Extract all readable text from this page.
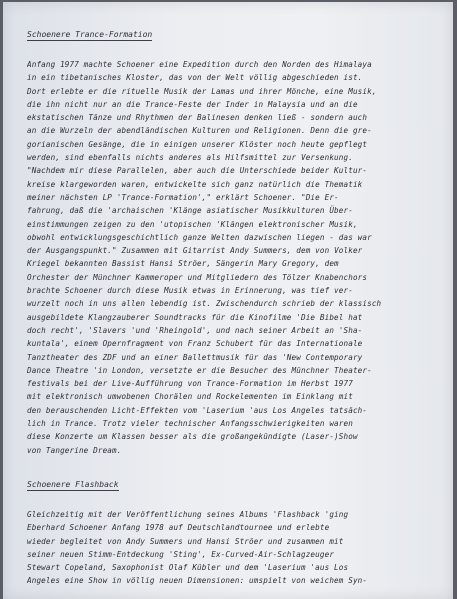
Schoenere Trance-Formation
Anfang 1977 machte Schoener eine Expedition durch den Norden des Himalaya
in ein tibetanisches Kloster, das von der Welt völlig abgeschieden ist.
Dort erlebte er die rituelle Musik der Lamas und ihrer Mönche, eine Musik,
die ihn nicht nur an die Trance-Feste der Inder in Malaysia und an die
ekstatischen Tänze und Rhythmen der Balinesen denken ließ - sondern auch
an die Wurzeln der abendländischen Kulturen und Religionen. Denn die gre-
gorianischen Gesänge, die in einigen unserer Klöster noch heute gepflegt
werden, sind ebenfalls nichts anderes als Hilfsmittel zur Versenkung.
"Nachdem mir diese Parallelen, aber auch die Unterschiede beider Kultur-
kreise klargeworden waren, entwickelte sich ganz natürlich die Thematik
meiner nächsten LP 'Trance-Formation'," erklärt Schoener. "Die Er-
fahrung, daß die 'archaischen 'Klänge asiatischer Musikkulturen Über-
einstimmungen zeigen zu den 'utopischen 'Klängen elektronischer Musik,
obwohl entwicklungsgeschichtlich ganze Welten dazwischen liegen - das war
der Ausgangspunkt." Zusammen mit Gitarrist Andy Summers, dem von Volker
Kriegel bekannten Bassist Hansi Ströer, Sängerin Mary Gregory, dem
Orchester der Münchner Kammeroper und Mitgliedern des Tölzer Knabenchors
brachte Schoener durch diese Musik etwas in Erinnerung, was tief ver-
wurzelt noch in uns allen lebendig ist. Zwischendurch schrieb der klassisch
ausgebildete Klangzauberer Soundtracks für die Kinofilme 'Die Bibel hat
doch recht', 'Slavers 'und 'Rheingold', und nach seiner Arbeit an 'Sha-
kuntala', einem Opernfragment von Franz Schubert für das Internationale
Tanztheater des ZDF und an einer Ballettmusik für das 'New Contemporary
Dance Theatre 'in London, versetzte er die Besucher des Münchner Theater-
festivals bei der Live-Aufführung von Trance-Formation im Herbst 1977
mit elektronisch umwobenen Chorälen und Rockelementen im Einklang mit
den berauschenden Licht-Effekten vom 'Laserium 'aus Los Angeles tatsäch-
lich in Trance. Trotz vieler technischer Anfangsschwierigkeiten waren
diese Konzerte um Klassen besser als die großangekündigte (Laser-)Show
von Tangerine Dream.
Schoenere Flashback
Gleichzeitig mit der Veröffentlichung seines Albums 'Flashback 'ging
Eberhard Schoener Anfang 1978 auf Deutschlandtournee und erlebte
wieder begleitet von Andy Summers und Hansi Ströer und zusammen mit
seiner neuen Stimm-Entdeckung 'Sting', Ex-Curved-Air-Schlagzeuger
Stewart Copeland, Saxophonist Olaf Kübler und dem 'Laserium 'aus Los
Angeles eine Show in völlig neuen Dimensionen: umspielt von weichem Syn-
